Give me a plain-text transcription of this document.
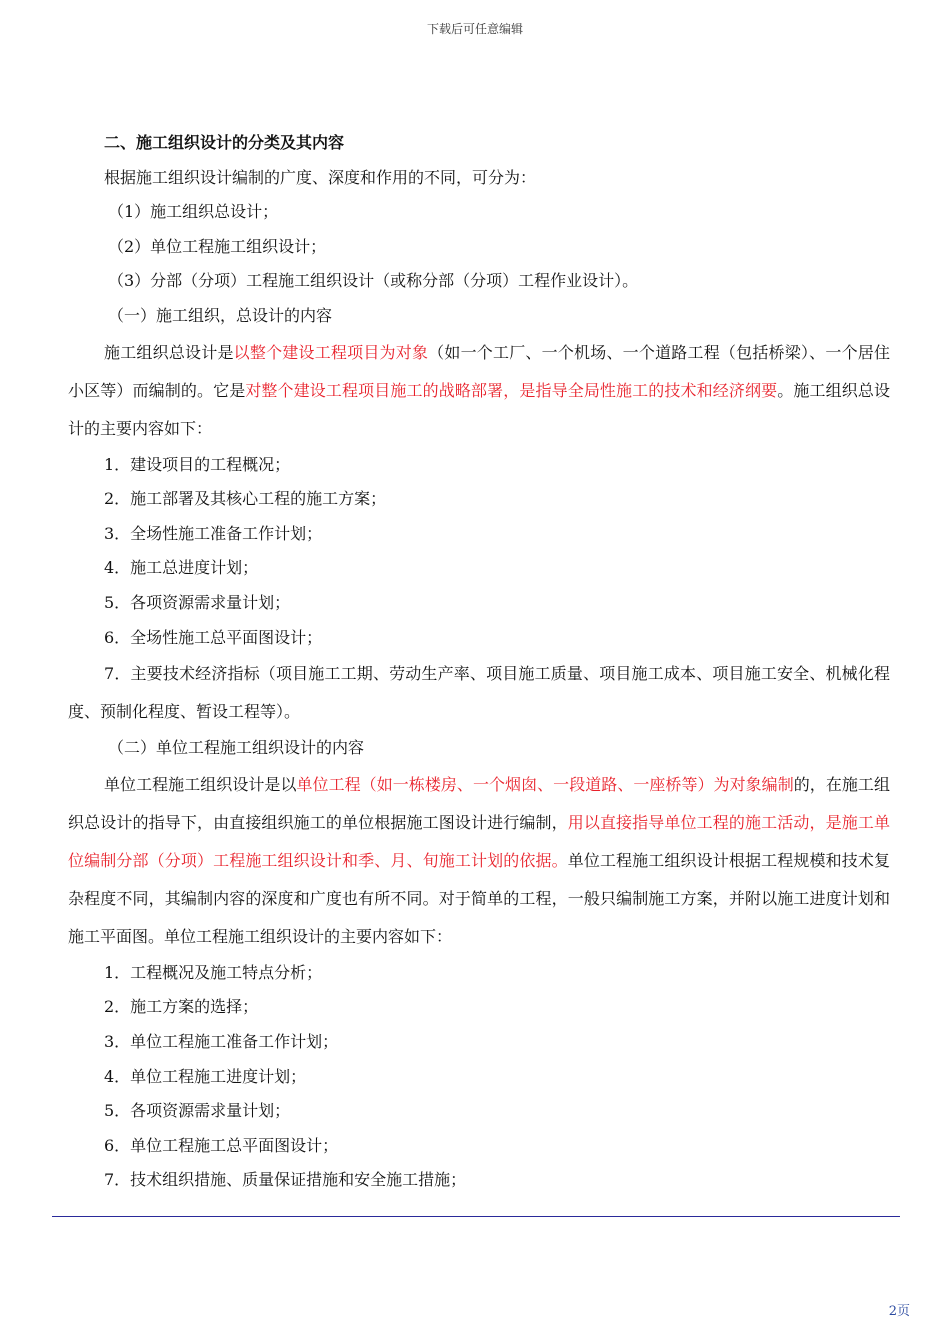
下载后可任意编辑
二、施工组织设计的分类及其内容
根据施工组织设计编制的广度、深度和作用的不同，可分为：
（1）施工组织总设计；
（2）单位工程施工组织设计；
（3）分部（分项）工程施工组织设计（或称分部（分项）工程作业设计）。
（一）施工组织，总设计的内容

施工组织总设计是以整个建设工程项目为对象（如一个工厂、一个机场、一个道路工程（包括桥梁）、一个居住小区等）而编制的。它是对整个建设工程项目施工的战略部署，是指导全局性施工的技术和经济纲要。施工组织总设计的主要内容如下：

1．建设项目的工程概况；
2．施工部署及其核心工程的施工方案；
3．全场性施工准备工作计划；
4．施工总进度计划；
5．各项资源需求量计划；
6．全场性施工总平面图设计；

7．主要技术经济指标（项目施工工期、劳动生产率、项目施工质量、项目施工成本、项目施工安全、机械化程度、预制化程度、暂设工程等）。

（二）单位工程施工组织设计的内容

单位工程施工组织设计是以单位工程（如一栋楼房、一个烟囱、一段道路、一座桥等）为对象编制的，在施工组织总设计的指导下，由直接组织施工的单位根据施工图设计进行编制，用以直接指导单位工程的施工活动，是施工单位编制分部（分项）工程施工组织设计和季、月、旬施工计划的依据。单位工程施工组织设计根据工程规模和技术复杂程度不同，其编制内容的深度和广度也有所不同。对于简单的工程，一般只编制施工方案，并附以施工进度计划和施工平面图。单位工程施工组织设计的主要内容如下：

1．工程概况及施工特点分析；
2．施工方案的选择；
3．单位工程施工准备工作计划；
4．单位工程施工进度计划；
5．各项资源需求量计划；
6．单位工程施工总平面图设计；
7．技术组织措施、质量保证措施和安全施工措施；
2页
